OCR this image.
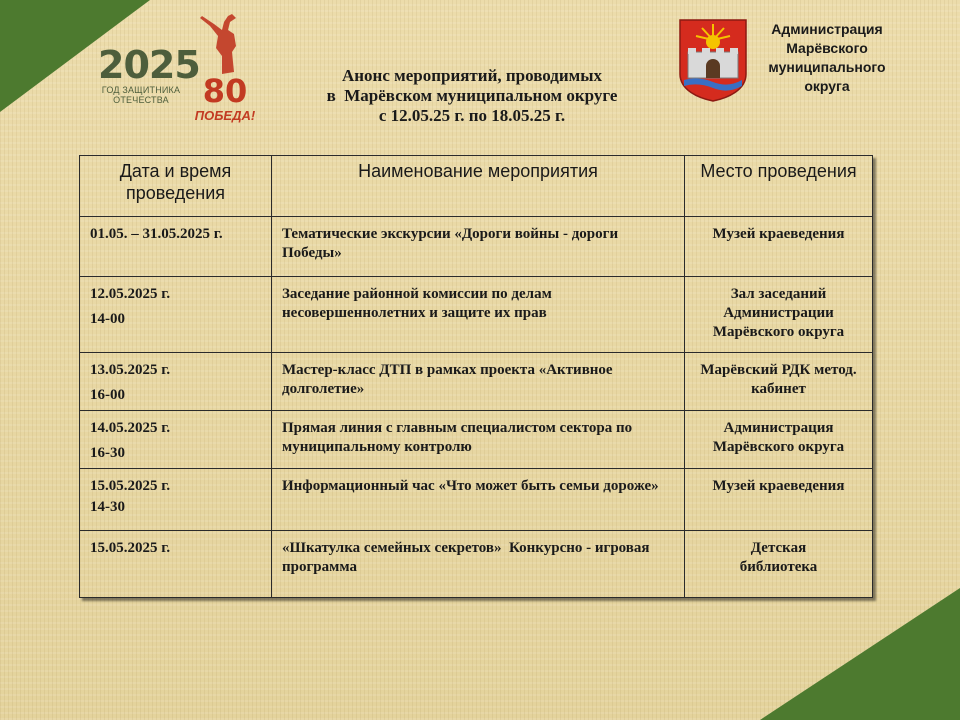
2025
ГОД ЗАЩИТНИКА
ОТЕЧЕСТВА	80
ПОБЕДА!
Анонс мероприятий, проводимых
в  Марёвском муниципальном округе
с 12.05.25 г. по 18.05.25 г.
Администрация
Марёвского
муниципального
округа
Дата и время проведения	Наименование мероприятия	Место проведения

01.05. – 31.05.2025 г.	Тематические экскурсии «Дороги войны - дороги Победы»	Музей краеведения

12.05.2025 г.
14-00	Заседание районной комиссии по делам несовершеннолетних и защите их прав	Зал заседаний Администрации Марёвского округа

13.05.2025 г.
16-00	Мастер-класс ДТП в рамках проекта «Активное долголетие»	Марёвский РДК метод. кабинет

14.05.2025 г.
16-30	Прямая линия с главным специалистом сектора по муниципальному контролю	Администрация Марёвского округа

15.05.2025 г.
14-30	Информационный час «Что может быть семьи дороже»	Музей краеведения

15.05.2025 г.	«Шкатулка семейных секретов»  Конкурсно - игровая программа	Детская библиотека
